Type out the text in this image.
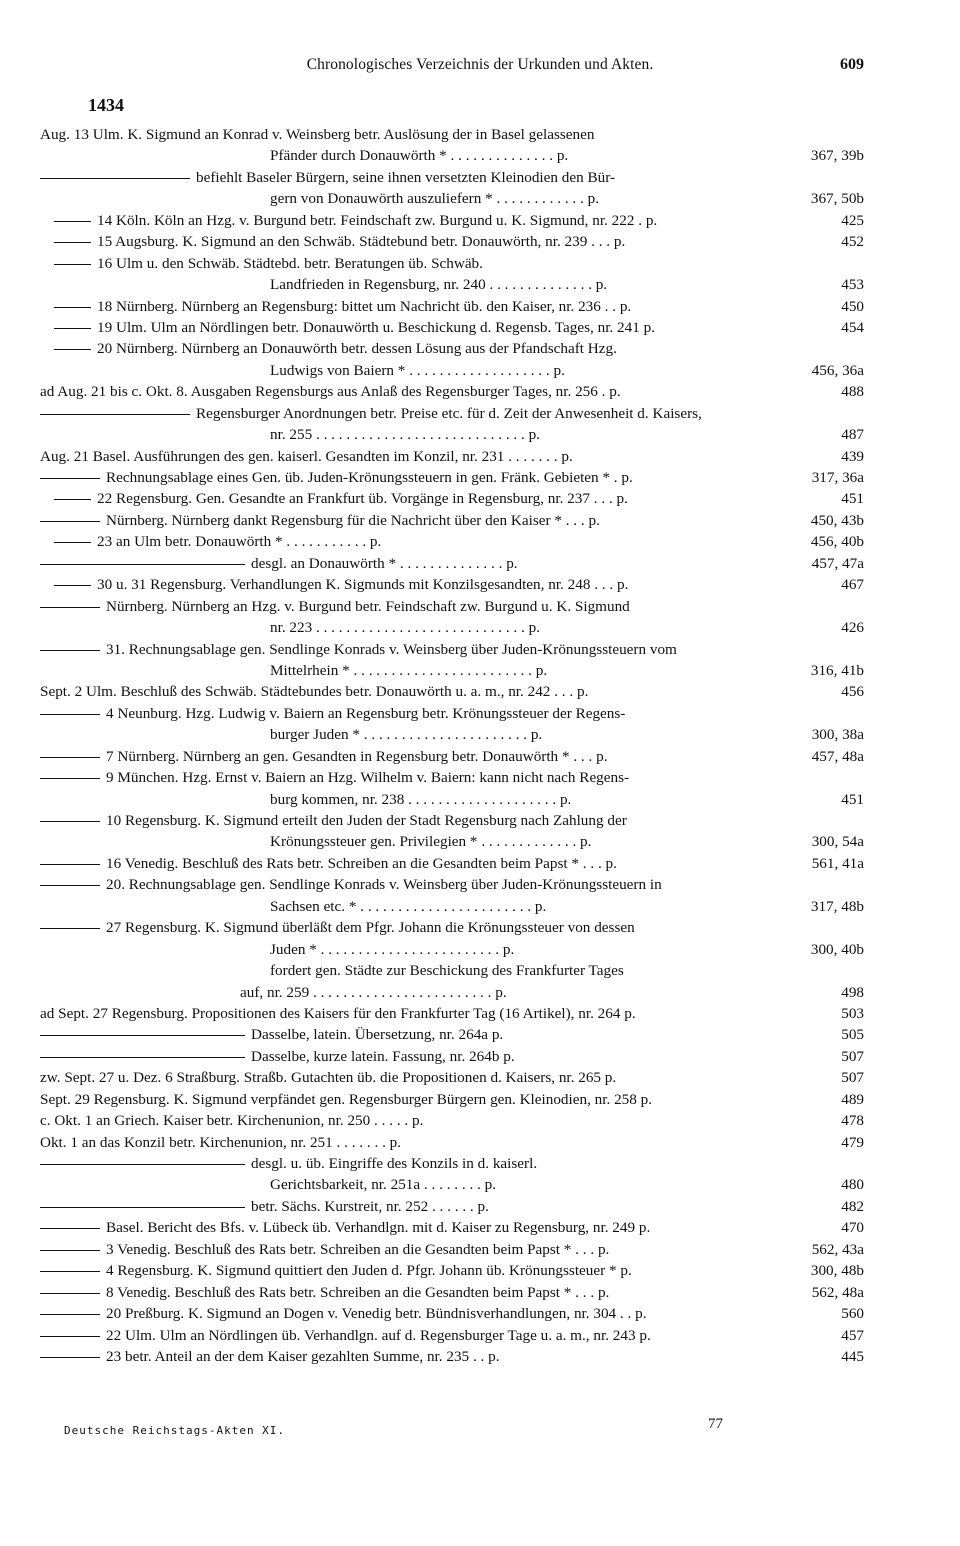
Chronologisches Verzeichnis der Urkunden und Akten.	609
1434
Aug. 13 Ulm. K. Sigmund an Konrad v. Weinsberg betr. Auslösung der in Basel gelassenen
Pfänder durch Donauwörth * . . . . . . . . . . . . . . p.	367, 39b
befiehlt Baseler Bürgern, seine ihnen versetzten Kleinodien den Bür-
gern von Donauwörth auszuliefern * . . . . . . . . . . . . p.	367, 50b
14 Köln. Köln an Hzg. v. Burgund betr. Feindschaft zw. Burgund u. K. Sigmund, nr. 222 . p.	425
15 Augsburg. K. Sigmund an den Schwäb. Städtebund betr. Donauwörth, nr. 239 . . . p.	452
16 Ulm u. den Schwäb. Städtebd. betr. Beratungen üb. Schwäb.
Landfrieden in Regensburg, nr. 240 . . . . . . . . . . . . . . p.	453
18 Nürnberg. Nürnberg an Regensburg: bittet um Nachricht üb. den Kaiser, nr. 236 . . p.	450
19 Ulm. Ulm an Nördlingen betr. Donauwörth u. Beschickung d. Regensb. Tages, nr. 241 p.	454
20 Nürnberg. Nürnberg an Donauwörth betr. dessen Lösung aus der Pfandschaft Hzg.
Ludwigs von Baiern * . . . . . . . . . . . . . . . . . . . p.	456, 36a
ad Aug. 21 bis c. Okt. 8. Ausgaben Regensburgs aus Anlaß des Regensburger Tages, nr. 256 . p.	488
Regensburger Anordnungen betr. Preise etc. für d. Zeit der Anwesenheit d. Kaisers,
nr. 255 . . . . . . . . . . . . . . . . . . . . . . . . . . . . p.	487
Aug. 21 Basel. Ausführungen des gen. kaiserl. Gesandten im Konzil, nr. 231 . . . . . . . p.	439
Rechnungsablage eines Gen. üb. Juden-Krönungssteuern in gen. Fränk. Gebieten * . p.	317, 36a
22 Regensburg. Gen. Gesandte an Frankfurt üb. Vorgänge in Regensburg, nr. 237 . . . p.	451
Nürnberg. Nürnberg dankt Regensburg für die Nachricht über den Kaiser * . . . p.	450, 43b
23 an Ulm betr. Donauwörth * . . . . . . . . . . . p.	456, 40b
desgl. an Donauwörth * . . . . . . . . . . . . . . p.	457, 47a
30 u. 31 Regensburg. Verhandlungen K. Sigmunds mit Konzilsgesandten, nr. 248 . . . p.	467
Nürnberg. Nürnberg an Hzg. v. Burgund betr. Feindschaft zw. Burgund u. K. Sigmund
nr. 223 . . . . . . . . . . . . . . . . . . . . . . . . . . . . p.	426
31. Rechnungsablage gen. Sendlinge Konrads v. Weinsberg über Juden-Krönungssteuern vom
Mittelrhein * . . . . . . . . . . . . . . . . . . . . . . . . p.	316, 41b
Sept. 2 Ulm. Beschluß des Schwäb. Städtebundes betr. Donauwörth u. a. m., nr. 242 . . . p.	456
4 Neunburg. Hzg. Ludwig v. Baiern an Regensburg betr. Krönungssteuer der Regens-
burger Juden * . . . . . . . . . . . . . . . . . . . . . . p.	300, 38a
7 Nürnberg. Nürnberg an gen. Gesandten in Regensburg betr. Donauwörth * . . . p.	457, 48a
9 München. Hzg. Ernst v. Baiern an Hzg. Wilhelm v. Baiern: kann nicht nach Regens-
burg kommen, nr. 238 . . . . . . . . . . . . . . . . . . . . p.	451
10 Regensburg. K. Sigmund erteilt den Juden der Stadt Regensburg nach Zahlung der
Krönungssteuer gen. Privilegien * . . . . . . . . . . . . . p.	300, 54a
16 Venedig. Beschluß des Rats betr. Schreiben an die Gesandten beim Papst * . . . p.	561, 41a
20. Rechnungsablage gen. Sendlinge Konrads v. Weinsberg über Juden-Krönungssteuern in
Sachsen etc. * . . . . . . . . . . . . . . . . . . . . . . . p.	317, 48b
27 Regensburg. K. Sigmund überläßt dem Pfgr. Johann die Krönungssteuer von dessen
Juden * . . . . . . . . . . . . . . . . . . . . . . . . p.	300, 40b
fordert gen. Städte zur Beschickung des Frankfurter Tages
auf, nr. 259 . . . . . . . . . . . . . . . . . . . . . . . . p.	498
ad Sept. 27 Regensburg. Propositionen des Kaisers für den Frankfurter Tag (16 Artikel), nr. 264 p.	503
Dasselbe, latein. Übersetzung, nr. 264a p.	505
Dasselbe, kurze latein. Fassung, nr. 264b p.	507
zw. Sept. 27 u. Dez. 6 Straßburg. Straßb. Gutachten üb. die Propositionen d. Kaisers, nr. 265 p.	507
Sept. 29 Regensburg. K. Sigmund verpfändet gen. Regensburger Bürgern gen. Kleinodien, nr. 258 p.	489
c. Okt. 1 an Griech. Kaiser betr. Kirchenunion, nr. 250 . . . . . p.	478
Okt. 1 an das Konzil betr. Kirchenunion, nr. 251 . . . . . . . p.	479
desgl. u. üb. Eingriffe des Konzils in d. kaiserl.
Gerichtsbarkeit, nr. 251a . . . . . . . . p.	480
betr. Sächs. Kurstreit, nr. 252 . . . . . . p.	482
Basel. Bericht des Bfs. v. Lübeck üb. Verhandlgn. mit d. Kaiser zu Regensburg, nr. 249 p.	470
3 Venedig. Beschluß des Rats betr. Schreiben an die Gesandten beim Papst * . . . p.	562, 43a
4 Regensburg. K. Sigmund quittiert den Juden d. Pfgr. Johann üb. Krönungssteuer * p.	300, 48b
8 Venedig. Beschluß des Rats betr. Schreiben an die Gesandten beim Papst * . . . p.	562, 48a
20 Preßburg. K. Sigmund an Dogen v. Venedig betr. Bündnisverhandlungen, nr. 304 . . p.	560
22 Ulm. Ulm an Nördlingen üb. Verhandlgn. auf d. Regensburger Tage u. a. m., nr. 243 p.	457
23 betr. Anteil an der dem Kaiser gezahlten Summe, nr. 235 . . p.	445
Deutsche Reichstags-Akten XI.	77
